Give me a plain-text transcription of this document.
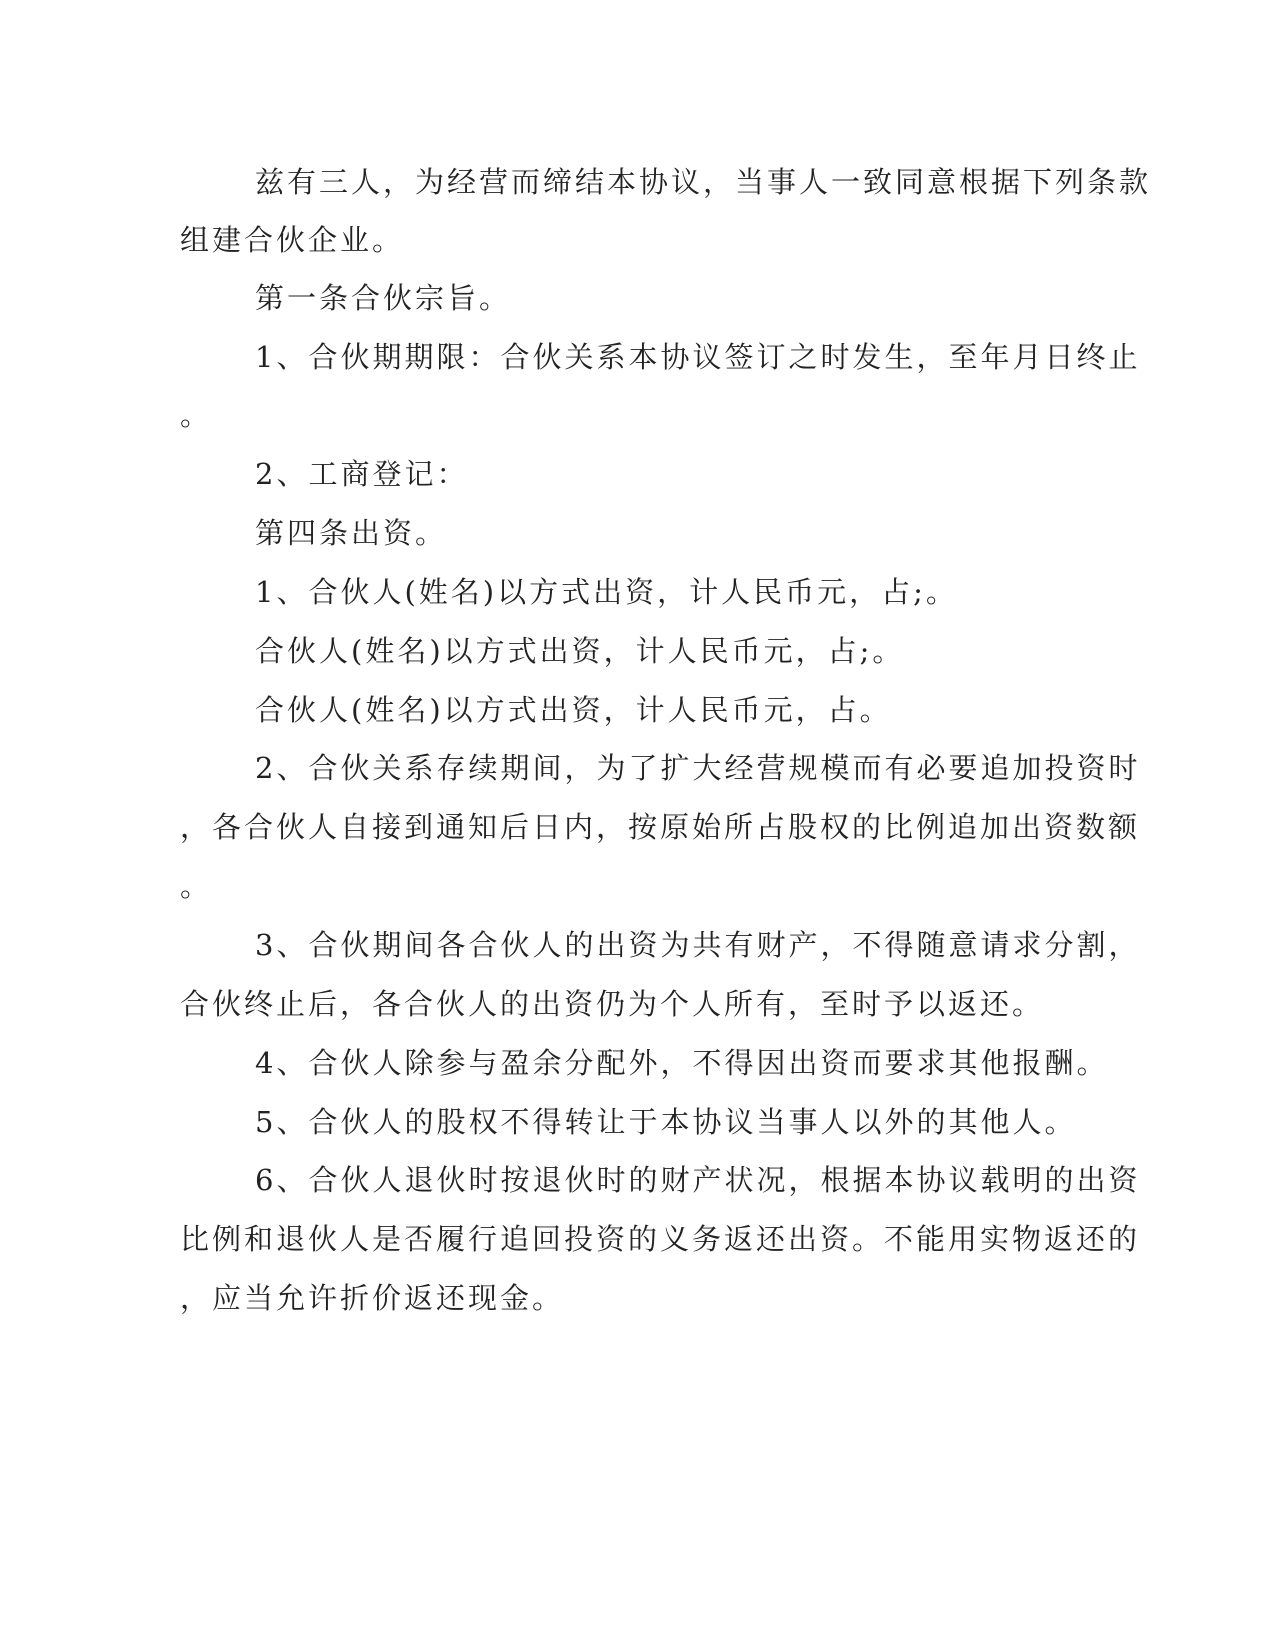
兹有三人，为经营而缔结本协议，当事人一致同意根据下列条款
组建合伙企业。
第一条合伙宗旨。
1、合伙期期限：合伙关系本协议签订之时发生，至年月日终止
。
2、工商登记：
第四条出资。
1、合伙人(姓名)以方式出资，计人民币元，占;。
合伙人(姓名)以方式出资，计人民币元，占;。
合伙人(姓名)以方式出资，计人民币元，占。
2、合伙关系存续期间，为了扩大经营规模而有必要追加投资时
，各合伙人自接到通知后日内，按原始所占股权的比例追加出资数额
。
3、合伙期间各合伙人的出资为共有财产，不得随意请求分割，
合伙终止后，各合伙人的出资仍为个人所有，至时予以返还。
4、合伙人除参与盈余分配外，不得因出资而要求其他报酬。
5、合伙人的股权不得转让于本协议当事人以外的其他人。
6、合伙人退伙时按退伙时的财产状况，根据本协议载明的出资
比例和退伙人是否履行追回投资的义务返还出资。不能用实物返还的
，应当允许折价返还现金。
